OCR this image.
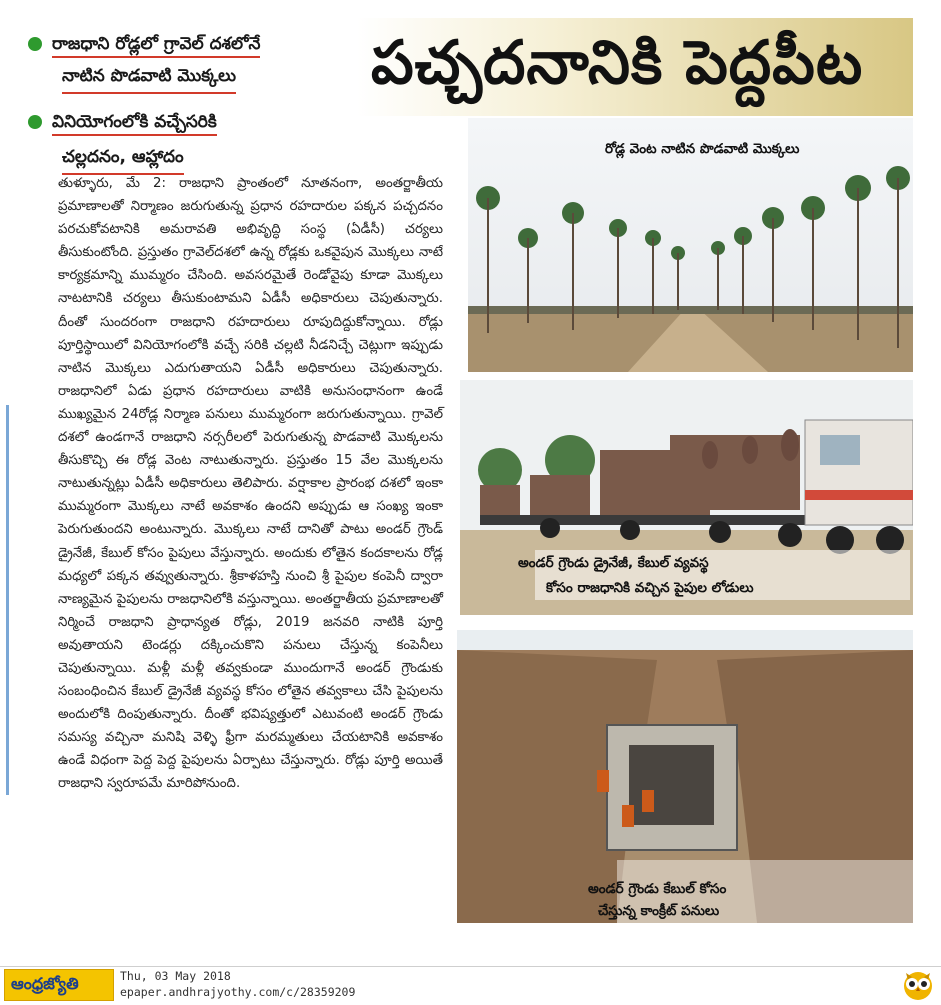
రాజధాని రోడ్లలో గ్రావెల్ దశలోనే
నాటిన పొడవాటి మొక్కలు
వినియోగంలోకి వచ్చేసరికి
చల్లదనం, ఆహ్లాదం
పచ్చదనానికి పెద్దపీట

తుళ్ళూరు, మే 2: రాజధాని ప్రాంతంలో నూతనంగా, అంతర్జాతీయ ప్రమాణాలతో నిర్మాణం జరుగుతున్న ప్రధాన రహదారుల పక్కన పచ్చదనం పరచుకోవటానికి అమరావతి అభివృద్ధి సంస్థ (ఏడీసీ) చర్యలు తీసుకుంటోంది. ప్రస్తుతం గ్రావెల్‌దశలో ఉన్న రోడ్లకు ఒకవైపున మొక్కలు నాటే కార్యక్రమాన్ని ముమ్మరం చేసింది. అవసరమైతే రెండోవైపు కూడా మొక్కలు నాటటానికి చర్యలు తీసుకుంటామని ఏడీసీ అధికారులు చెపుతున్నారు. దీంతో సుందరంగా రాజధాని రహదారులు రూపుదిద్దుకోన్నాయి. రోడ్లు పూర్తిస్థాయిలో వినియోగంలోకి వచ్చే సరికి చల్లటి నీడనిచ్చే చెట్లుగా ఇప్పుడు నాటిన మొక్కలు ఎదుగుతాయని ఏడీసీ అధికారులు చెపుతున్నారు. రాజధానిలో ఏడు ప్రధాన రహదారులు వాటికి అనుసంధానంగా ఉండే ముఖ్యమైన 24రోడ్ల నిర్మాణ పనులు ముమ్మరంగా జరుగుతున్నాయి. గ్రావెల్ దశలో ఉండగానే రాజధాని నర్సరీలలో పెరుగుతున్న పొడవాటి మొక్కలను తీసుకొచ్చి ఈ రోడ్ల వెంట నాటుతున్నారు. ప్రస్తుతం 15 వేల మొక్కలను నాటుతున్నట్లు ఏడీసీ అధికారులు తెలిపారు. వర్షాకాల ప్రారంభ దశలో ఇంకా ముమ్మరంగా మొక్కలు నాటే అవకాశం ఉందని అప్పుడు ఆ సంఖ్య ఇంకా పెరుగుతుందని అంటున్నారు. మొక్కలు నాటే దానితో పాటు అండర్ గ్రౌండ్ డ్రైనేజీ, కేబుల్ కోసం పైపులు వేస్తున్నారు. అందుకు లోతైన కందకాలను రోడ్ల మధ్యలో పక్కన తవ్వుతున్నారు. శ్రీకాళహస్తి నుంచి శ్రీ పైపుల కంపెనీ ద్వారా నాణ్యమైన పైపులను రాజధానిలోకి వస్తున్నాయి. అంతర్జాతీయ ప్రమాణాలతో నిర్మించే రాజధాని ప్రాధాన్యత రోడ్లు, 2019 జనవరి నాటికి పూర్తి అవుతాయని టెండర్లు దక్కించుకొని పనులు చేస్తున్న కంపెనీలు చెపుతున్నాయి. మళ్లీ మళ్లీ తవ్వకుండా ముందుగానే అండర్ గ్రౌండుకు సంబంధించిన కేబుల్ డ్రైనేజీ వ్యవస్థ కోసం లోతైన తవ్వకాలు చేసి పైపులను అందులోకి దింపుతున్నారు. దీంతో భవిష్యత్తులో ఎటువంటి అండర్ గ్రౌండు సమస్య వచ్చినా మనిషి వెళ్ళి ఫ్రీగా మరమ్మతులు చేయటానికి అవకాశం ఉండే విధంగా పెద్ద పెద్ద పైపులను ఏర్పాటు చేస్తున్నారు. రోడ్లు పూర్తి అయితే రాజధాని స్వరూపమే మారిపోనుంది.

రోడ్ల వెంట నాటిన పొడవాటి మొక్కలు
అండర్ గ్రౌండు డ్రైనేజీ, కేబుల్ వ్యవస్థ
కోసం రాజధానికి వచ్చిన పైపుల లోడులు
అండర్ గ్రౌండు కేబుల్ కోసం
చేస్తున్న కాంక్రీట్ పనులు
ఆంధ్రజ్యోతి	Thu, 03 May 2018
epaper.andhrajyothy.com/c/28359209
